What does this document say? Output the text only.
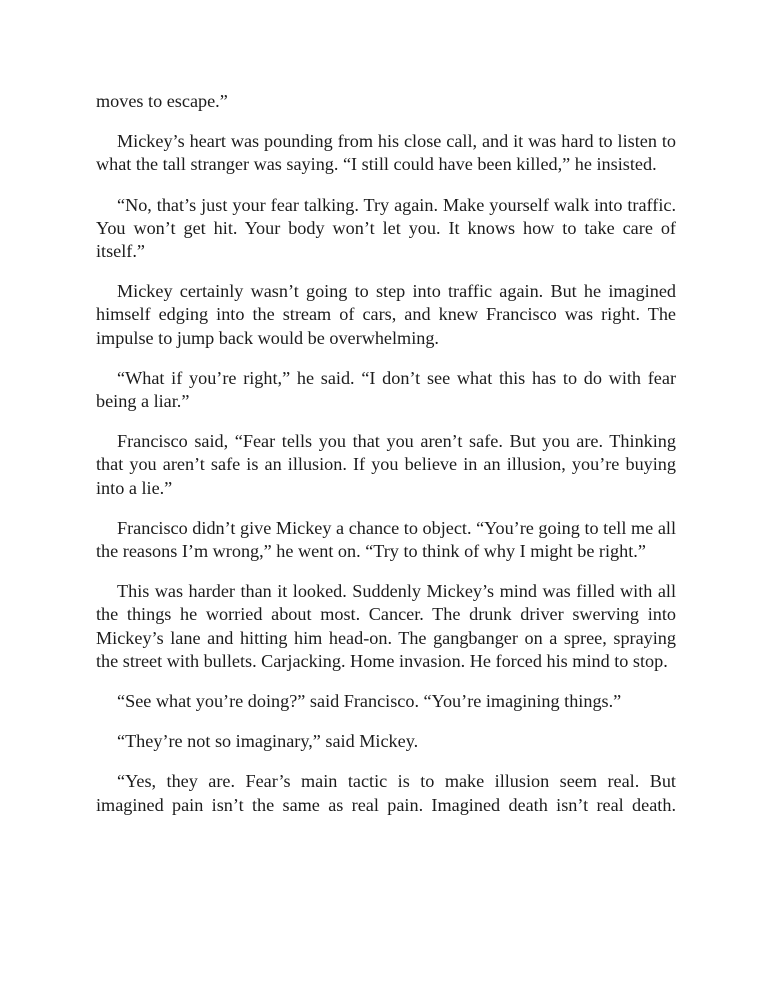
moves to escape.”

Mickey’s heart was pounding from his close call, and it was hard to listen to what the tall stranger was saying. “I still could have been killed,” he insisted.

“No, that’s just your fear talking. Try again. Make yourself walk into traffic. You won’t get hit. Your body won’t let you. It knows how to take care of itself.”

Mickey certainly wasn’t going to step into traffic again. But he imagined himself edging into the stream of cars, and knew Francisco was right. The impulse to jump back would be overwhelming.

“What if you’re right,” he said. “I don’t see what this has to do with fear being a liar.”

Francisco said, “Fear tells you that you aren’t safe. But you are. Thinking that you aren’t safe is an illusion. If you believe in an illusion, you’re buying into a lie.”

Francisco didn’t give Mickey a chance to object. “You’re going to tell me all the reasons I’m wrong,” he went on. “Try to think of why I might be right.”

This was harder than it looked. Suddenly Mickey’s mind was filled with all the things he worried about most. Cancer. The drunk driver swerving into Mickey’s lane and hitting him head-on. The gangbanger on a spree, spraying the street with bullets. Carjacking. Home invasion. He forced his mind to stop.

“See what you’re doing?” said Francisco. “You’re imagining things.”

“They’re not so imaginary,” said Mickey.

“Yes, they are. Fear’s main tactic is to make illusion seem real. But imagined pain isn’t the same as real pain. Imagined death isn’t real death.
